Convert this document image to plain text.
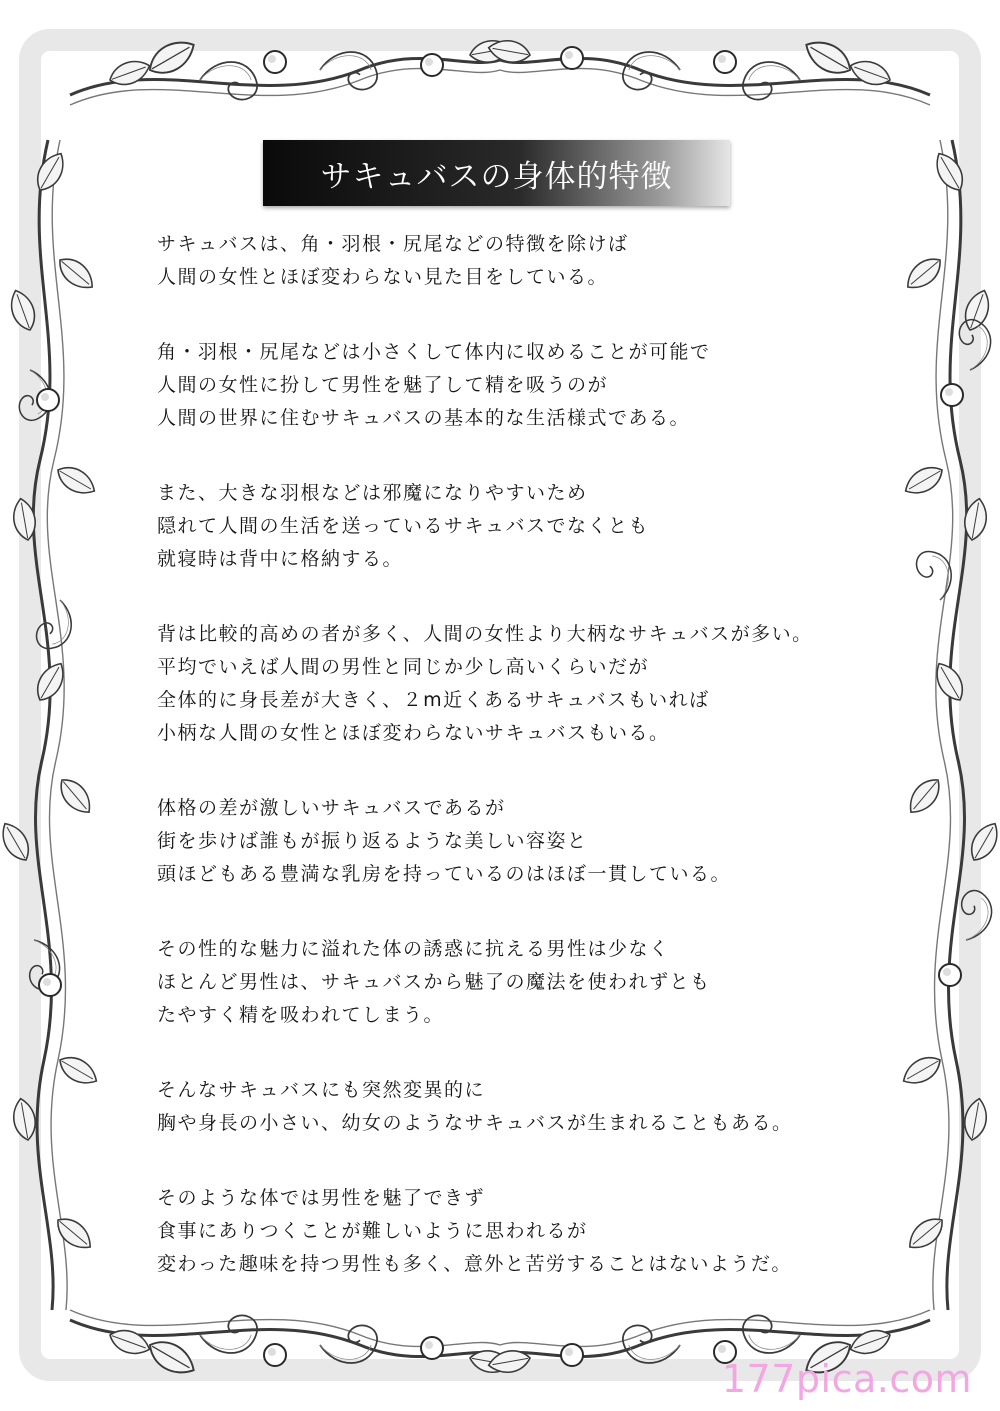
サキュバスの身体的特徴
サキュバスは、角・羽根・尻尾などの特徴を除けば
人間の女性とほぼ変わらない見た目をしている。
角・羽根・尻尾などは小さくして体内に収めることが可能で
人間の女性に扮して男性を魅了して精を吸うのが
人間の世界に住むサキュバスの基本的な生活様式である。
また、大きな羽根などは邪魔になりやすいため
隠れて人間の生活を送っているサキュバスでなくとも
就寝時は背中に格納する。
背は比較的高めの者が多く、人間の女性より大柄なサキュバスが多い。
平均でいえば人間の男性と同じか少し高いくらいだが
全体的に身長差が大きく、２m近くあるサキュバスもいれば
小柄な人間の女性とほぼ変わらないサキュバスもいる。
体格の差が激しいサキュバスであるが
街を歩けば誰もが振り返るような美しい容姿と
頭ほどもある豊満な乳房を持っているのはほぼ一貫している。
その性的な魅力に溢れた体の誘惑に抗える男性は少なく
ほとんど男性は、サキュバスから魅了の魔法を使われずとも
たやすく精を吸われてしまう。
そんなサキュバスにも突然変異的に
胸や身長の小さい、幼女のようなサキュバスが生まれることもある。
そのような体では男性を魅了できず
食事にありつくことが難しいように思われるが
変わった趣味を持つ男性も多く、意外と苦労することはないようだ。
177pica.com
